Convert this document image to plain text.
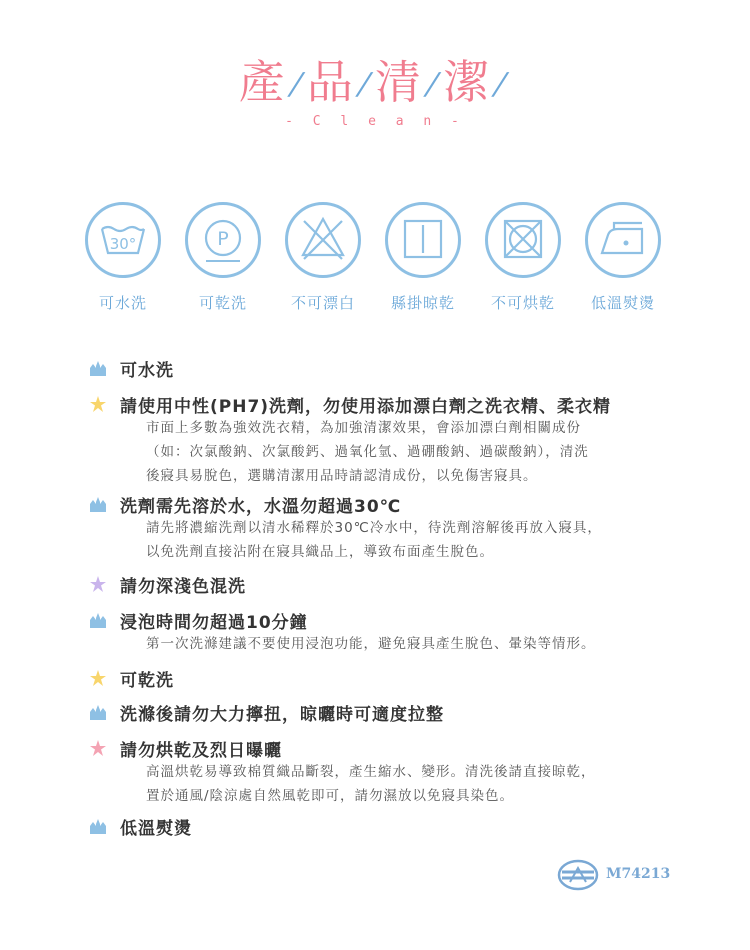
產/品/清/潔/
- C l e a n -
30°
可水洗
P
可乾洗	不可漂白	縣掛晾乾	不可烘乾	低溫熨燙
可水洗
請使用中性(PH7)洗劑，勿使用添加漂白劑之洗衣精、柔衣精
市面上多數為強效洗衣精，為加強清潔效果，會添加漂白劑相關成份
（如：次氯酸鈉、次氯酸鈣、過氧化氫、過硼酸鈉、過碳酸鈉），清洗
後寢具易脫色，選購清潔用品時請認清成份，以免傷害寢具。
洗劑需先溶於水，水溫勿超過30℃
請先將濃縮洗劑以清水稀釋於30℃冷水中，待洗劑溶解後再放入寢具，
以免洗劑直接沾附在寢具織品上，導致布面產生脫色。
請勿深淺色混洗
浸泡時間勿超過10分鐘
第一次洗滌建議不要使用浸泡功能，避免寢具產生脫色、暈染等情形。
可乾洗
洗滌後請勿大力擰扭，晾曬時可適度拉整
請勿烘乾及烈日曝曬
高溫烘乾易導致棉質織品斷裂，產生縮水、變形。清洗後請直接晾乾，
置於通風/陰涼處自然風乾即可，請勿濕放以免寢具染色。
低溫熨燙
M74213
